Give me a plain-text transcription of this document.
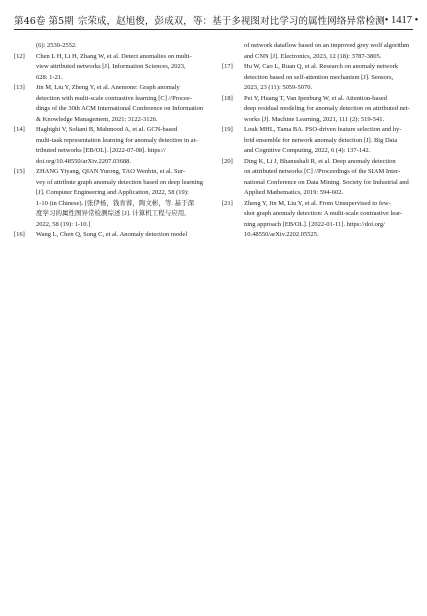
第46卷 第5期 宗荣成，赵旭俊，彭成双，等：基于多视图对比学习的属性网络异常检测 • 1417 •
(6): 2530-2552.
[12]	Chen L H, Li H, Zhang W, et al. Detect anomalies on multi-
view attributed networks [J]. Information Sciences, 2023,
628: 1-21.
[13]	Jin M, Liu Y, Zheng Y, et al. Anemone: Graph anomaly
detection with multi-scale contrastive learning [C] //Procee-
dings of the 30th ACM International Conference on Information
& Knowledge Management, 2021: 3122-3126.
[14]	Haghighi V, Soltani B, Mahmood A, et al. GCN-based
multi-task representation learning for anomaly detection in at-
tributed networks [EB/OL]. [2022-07-08]. https://
doi.org/10.48550/arXiv.2207.03688.
[15]	ZHANG Yiyang, QIAN Yurong, TAO Wenbin, et al. Sur-
vey of attribute graph anomaly detection based on deep learning
[J]. Computer Engineering and Application, 2022, 58 (19):
1-10 (in Chinese). [张伊杨，钱育蓉，陶文彬，等. 基于深
度学习的属性图异常检测综述 [J]. 计算机工程与应用,
2022, 58 (19): 1-10.]
[16]	Wang L, Chen Q, Song C, et al. Anomaly detection model
of network dataflow based on an improved grey wolf algorithm
and CNN [J]. Electronics, 2023, 12 (18): 3787-3805.
[17]	Hu W, Cao L, Ruan Q, et al. Research on anomaly network
detection based on self-attention mechanism [J]. Sensors,
2023, 23 (11): 5059-5070.
[18]	Pei Y, Huang T, Van Ipenburg W, et al. Attention-based
deep residual modeling for anomaly detection on attributed net-
works [J]. Machine Learning, 2021, 111 (2): 519-541.
[19]	Louk MHL, Tama BA. PSO-driven feature selection and hy-
brid ensemble for network anomaly detection [J]. Big Data
and Cognitive Computing, 2022, 6 (4): 137-142.
[20]	Ding K, Li J, Bhanushali R, et al. Deep anomaly detection
on attributed networks [C] //Proceedings of the SIAM Inter-
national Conference on Data Mining. Society for Industrial and
Applied Mathematics, 2019: 594-602.
[21]	Zheng Y, Jin M, Liu Y, et al. From Unsupervised to few-
shot graph anomaly detection: A multi-scale contrastive lear-
ning approach [EB/OL]. [2022-01-11]. https://doi.org/
10.48550/arXiv.2202.05525.
